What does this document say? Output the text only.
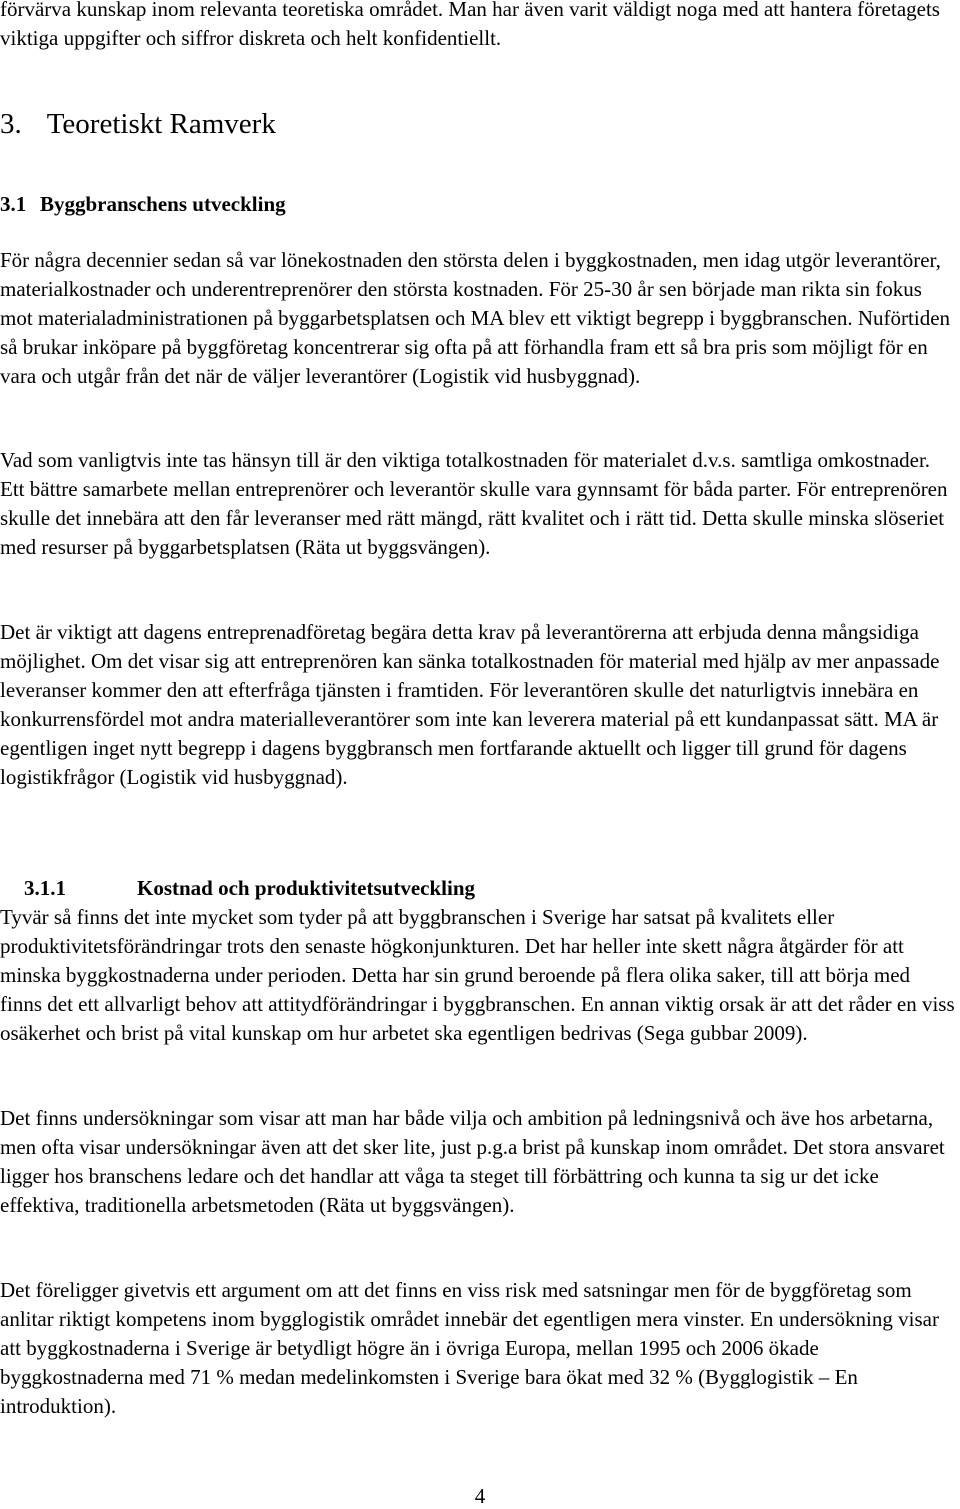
förvärva kunskap inom relevanta teoretiska området. Man har även varit väldigt noga med att hantera företagets viktiga uppgifter och siffror diskreta och helt konfidentiellt.

3. Teoretiskt Ramverk
3.1 Byggbranschens utveckling

För några decennier sedan så var lönekostnaden den största delen i byggkostnaden, men idag utgör leverantörer, materialkostnader och underentreprenörer den största kostnaden. För 25-30 år sen började man rikta sin fokus mot materialadministrationen på byggarbetsplatsen och MA blev ett viktigt begrepp i byggbranschen. Nuförtiden så brukar inköpare på byggföretag koncentrerar sig ofta på att förhandla fram ett så bra pris som möjligt för en vara och utgår från det när de väljer leverantörer (Logistik vid husbyggnad).

Vad som vanligtvis inte tas hänsyn till är den viktiga totalkostnaden för materialet d.v.s. samtliga omkostnader. Ett bättre samarbete mellan entreprenörer och leverantör skulle vara gynnsamt för båda parter. För entreprenören skulle det innebära att den får leveranser med rätt mängd, rätt kvalitet och i rätt tid. Detta skulle minska slöseriet med resurser på byggarbetsplatsen (Räta ut byggsvängen).

Det är viktigt att dagens entreprenadföretag begära detta krav på leverantörerna att erbjuda denna mångsidiga möjlighet. Om det visar sig att entreprenören kan sänka totalkostnaden för material med hjälp av mer anpassade leveranser kommer den att efterfråga tjänsten i framtiden. För leverantören skulle det naturligtvis innebära en konkurrensfördel mot andra materialleverantörer som inte kan leverera material på ett kundanpassat sätt. MA är egentligen inget nytt begrepp i dagens byggbransch men fortfarande aktuellt och ligger till grund för dagens logistikfrågor (Logistik vid husbyggnad).

3.1.1	Kostnad och produktivitetsutveckling

Tyvär så finns det inte mycket som tyder på att byggbranschen i Sverige har satsat på kvalitets eller produktivitetsförändringar trots den senaste högkonjunkturen. Det har heller inte skett några åtgärder för att minska byggkostnaderna under perioden. Detta har sin grund beroende på flera olika saker, till att börja med finns det ett allvarligt behov att attitydförändringar i byggbranschen. En annan viktig orsak är att det råder en viss osäkerhet och brist på vital kunskap om hur arbetet ska egentligen bedrivas (Sega gubbar 2009).

Det finns undersökningar som visar att man har både vilja och ambition på ledningsnivå och äve hos arbetarna, men ofta visar undersökningar även att det sker lite, just p.g.a brist på kunskap inom området. Det stora ansvaret ligger hos branschens ledare och det handlar att våga ta steget till förbättring och kunna ta sig ur det icke effektiva, traditionella arbetsmetoden (Räta ut byggsvängen).

Det föreligger givetvis ett argument om att det finns en viss risk med satsningar men för de byggföretag som anlitar riktigt kompetens inom bygglogistik området innebär det egentligen mera vinster. En undersökning visar att byggkostnaderna i Sverige är betydligt högre än i övriga Europa, mellan 1995 och 2006 ökade byggkostnaderna med 71 % medan medelinkomsten i Sverige bara ökat med 32 % (Bygglogistik – En introduktion).

4
